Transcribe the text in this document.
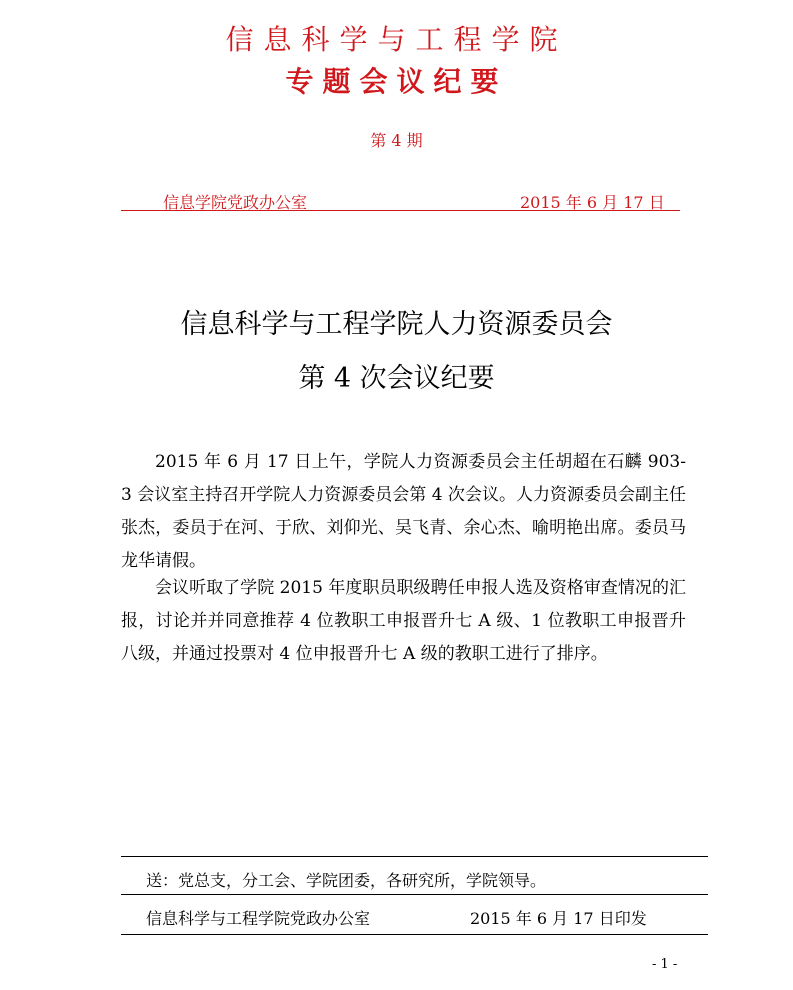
信息科学与工程学院
专题会议纪要
第 4 期
信息学院党政办公室	2015 年 6 月 17 日
信息科学与工程学院人力资源委员会
第 4 次会议纪要
2015 年 6 月 17 日上午，学院人力资源委员会主任胡超在石麟 903-3 会议室主持召开学院人力资源委员会第 4 次会议。人力资源委员会副主任张杰，委员于在河、于欣、刘仰光、吴飞青、余心杰、喻明艳出席。委员马龙华请假。
会议听取了学院 2015 年度职员职级聘任申报人选及资格审查情况的汇报，讨论并并同意推荐 4 位教职工申报晋升七 A 级、1 位教职工申报晋升八级，并通过投票对 4 位申报晋升七 A 级的教职工进行了排序。
送：党总支，分工会、学院团委，各研究所，学院领导。
信息科学与工程学院党政办公室	2015 年 6 月 17 日印发
- 1 -
